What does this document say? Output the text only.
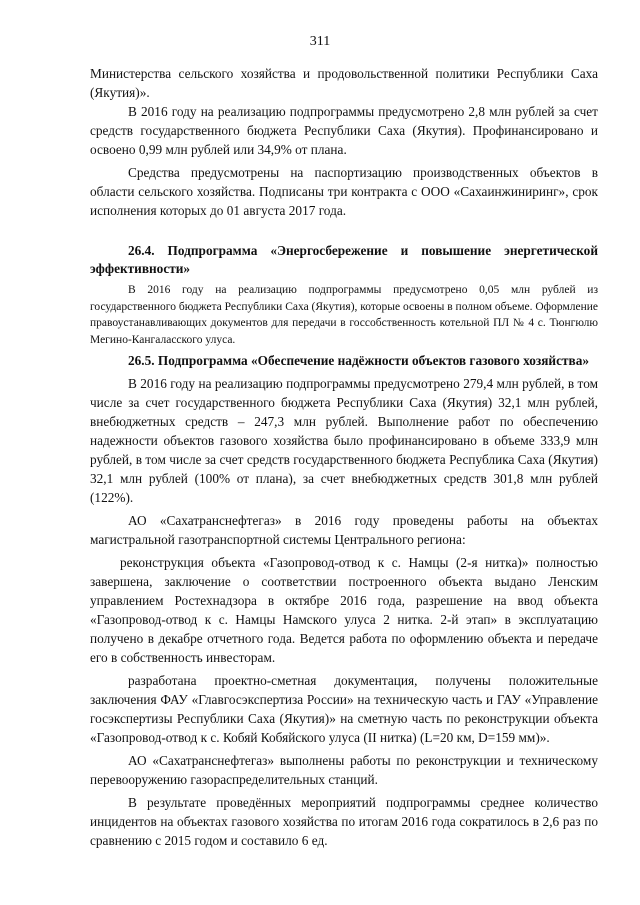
311

Министерства сельского хозяйства и продовольственной политики Республики Саха (Якутия)».

В 2016 году на реализацию подпрограммы предусмотрено 2,8 млн рублей за счет средств государственного бюджета Республики Саха (Якутия). Профинансировано и освоено 0,99 млн рублей или 34,9% от плана.

Средства предусмотрены на паспортизацию производственных объектов в области сельского хозяйства. Подписаны три контракта с ООО «Сахаинжиниринг», срок исполнения которых до 01 августа 2017 года.

26.4. Подпрограмма «Энергосбережение и повышение энергетической эффективности»

В 2016 году на реализацию подпрограммы предусмотрено 0,05 млн рублей из государственного бюджета Республики Саха (Якутия), которые освоены в полном объеме. Оформление правоустанавливающих документов для передачи в госсобственность котельной ПЛ № 4 с. Тюнгюлю Мегино-Кангаласского улуса.

26.5. Подпрограмма «Обеспечение надёжности объектов газового хозяйства»

В 2016 году на реализацию подпрограммы предусмотрено 279,4 млн рублей, в том числе за счет государственного бюджета Республики Саха (Якутия) 32,1 млн рублей, внебюджетных средств – 247,3 млн рублей. Выполнение работ по обеспечению надежности объектов газового хозяйства было профинансировано в объеме 333,9 млн рублей, в том числе за счет средств государственного бюджета Республика Саха (Якутия) 32,1 млн рублей (100% от плана), за счет внебюджетных средств 301,8 млн рублей (122%).

АО «Сахатранснефтегаз» в 2016 году проведены работы на объектах магистральной газотранспортной системы Центрального региона:

реконструкция объекта «Газопровод-отвод к с. Намцы (2-я нитка)» полностью завершена, заключение о соответствии построенного объекта выдано Ленским управлением Ростехнадзора в октябре 2016 года, разрешение на ввод объекта «Газопровод-отвод к с. Намцы Намского улуса 2 нитка. 2-й этап» в эксплуатацию получено в декабре отчетного года. Ведется работа по оформлению объекта и передаче его в собственность инвесторам.

разработана проектно-сметная документация, получены положительные заключения ФАУ «Главгосэкспертиза России» на техническую часть и ГАУ «Управление госэкспертизы Республики Саха (Якутия)» на сметную часть по реконструкции объекта «Газопровод-отвод к с. Кобяй Кобяйского улуса (II нитка) (L=20 км, D=159 мм)».

АО «Сахатранснефтегаз» выполнены работы по реконструкции и техническому перевооружению газораспределительных станций.

В результате проведённых мероприятий подпрограммы среднее количество инцидентов на объектах газового хозяйства по итогам 2016 года сократилось в 2,6 раз по сравнению с 2015 годом и составило 6 ед.
